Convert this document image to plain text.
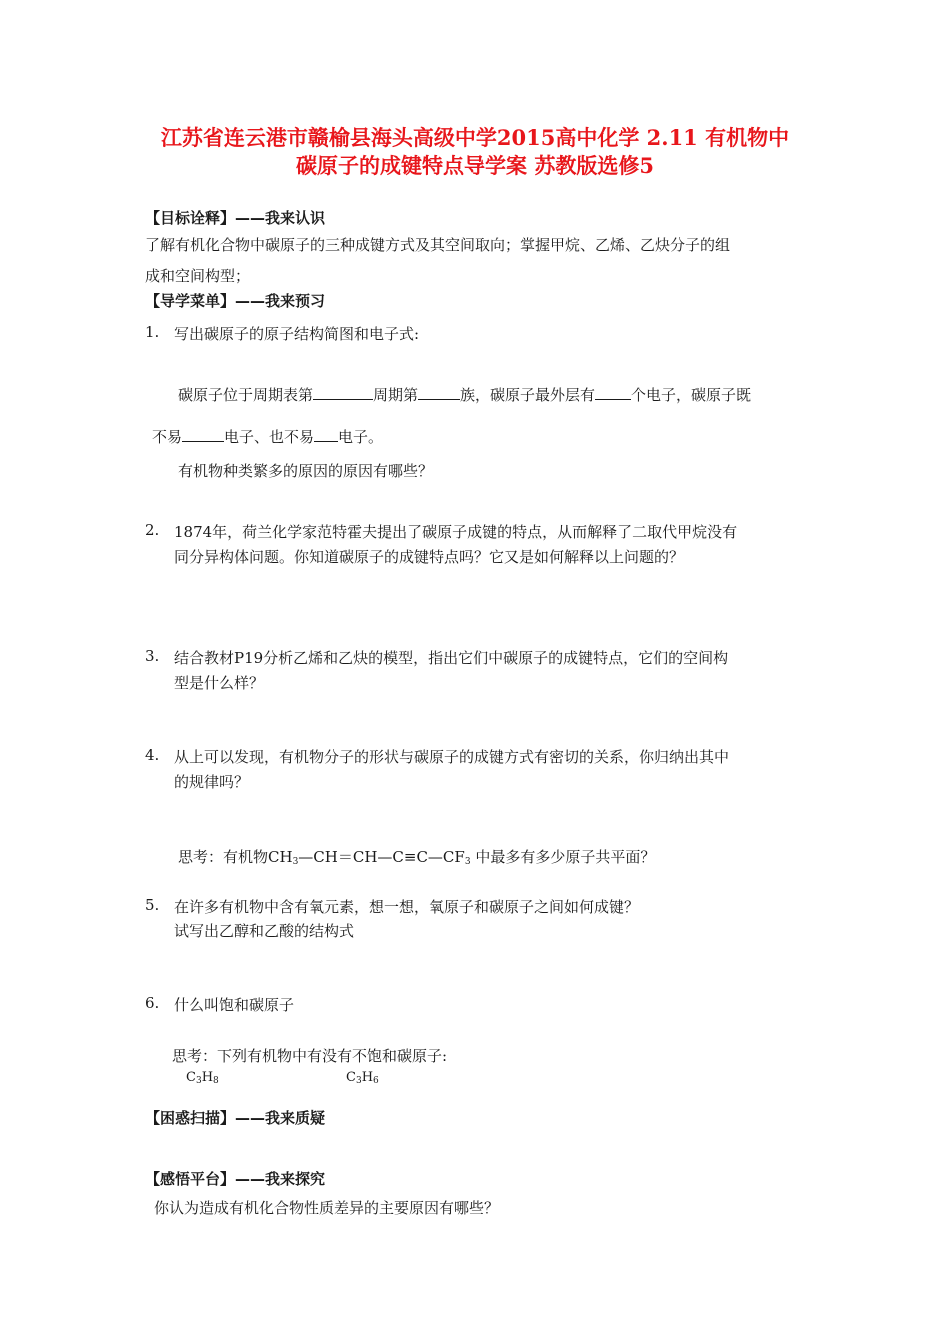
江苏省连云港市赣榆县海头高级中学2015高中化学 2.11 有机物中
碳原子的成键特点导学案 苏教版选修5
【目标诠释】——我来认识
了解有机化合物中碳原子的三种成键方式及其空间取向；掌握甲烷、乙烯、乙炔分子的组
成和空间构型；
【导学菜单】——我来预习
1. 写出碳原子的原子结构简图和电子式:
碳原子位于周期表第	周期第	族，碳原子最外层有 个电子，碳原子既
不易	电子、也不易 电子。
有机物种类繁多的原因的原因有哪些？
2. 1874年，荷兰化学家范特霍夫提出了碳原子成键的特点，从而解释了二取代甲烷没有
同分异构体问题。你知道碳原子的成键特点吗？它又是如何解释以上问题的？
3. 结合教材P19分析乙烯和乙炔的模型，指出它们中碳原子的成键特点，它们的空间构
型是什么样？
4. 从上可以发现，有机物分子的形状与碳原子的成键方式有密切的关系，你归纳出其中
的规律吗？
思考：有机物$CH_3—CH=CH—C\equiv C—CF_3$ 中最多有多少原子共平面？
5. 在许多有机物中含有氧元素，想一想，氧原子和碳原子之间如何成键？
试写出乙醇和乙酸的结构式
6. 什么叫饱和碳原子
思考：下列有机物中有没有不饱和碳原子:
$C_3H_8$	$C_3H_6$
【困惑扫描】——我来质疑
【感悟平台】——我来探究
你认为造成有机化合物性质差异的主要原因有哪些？
